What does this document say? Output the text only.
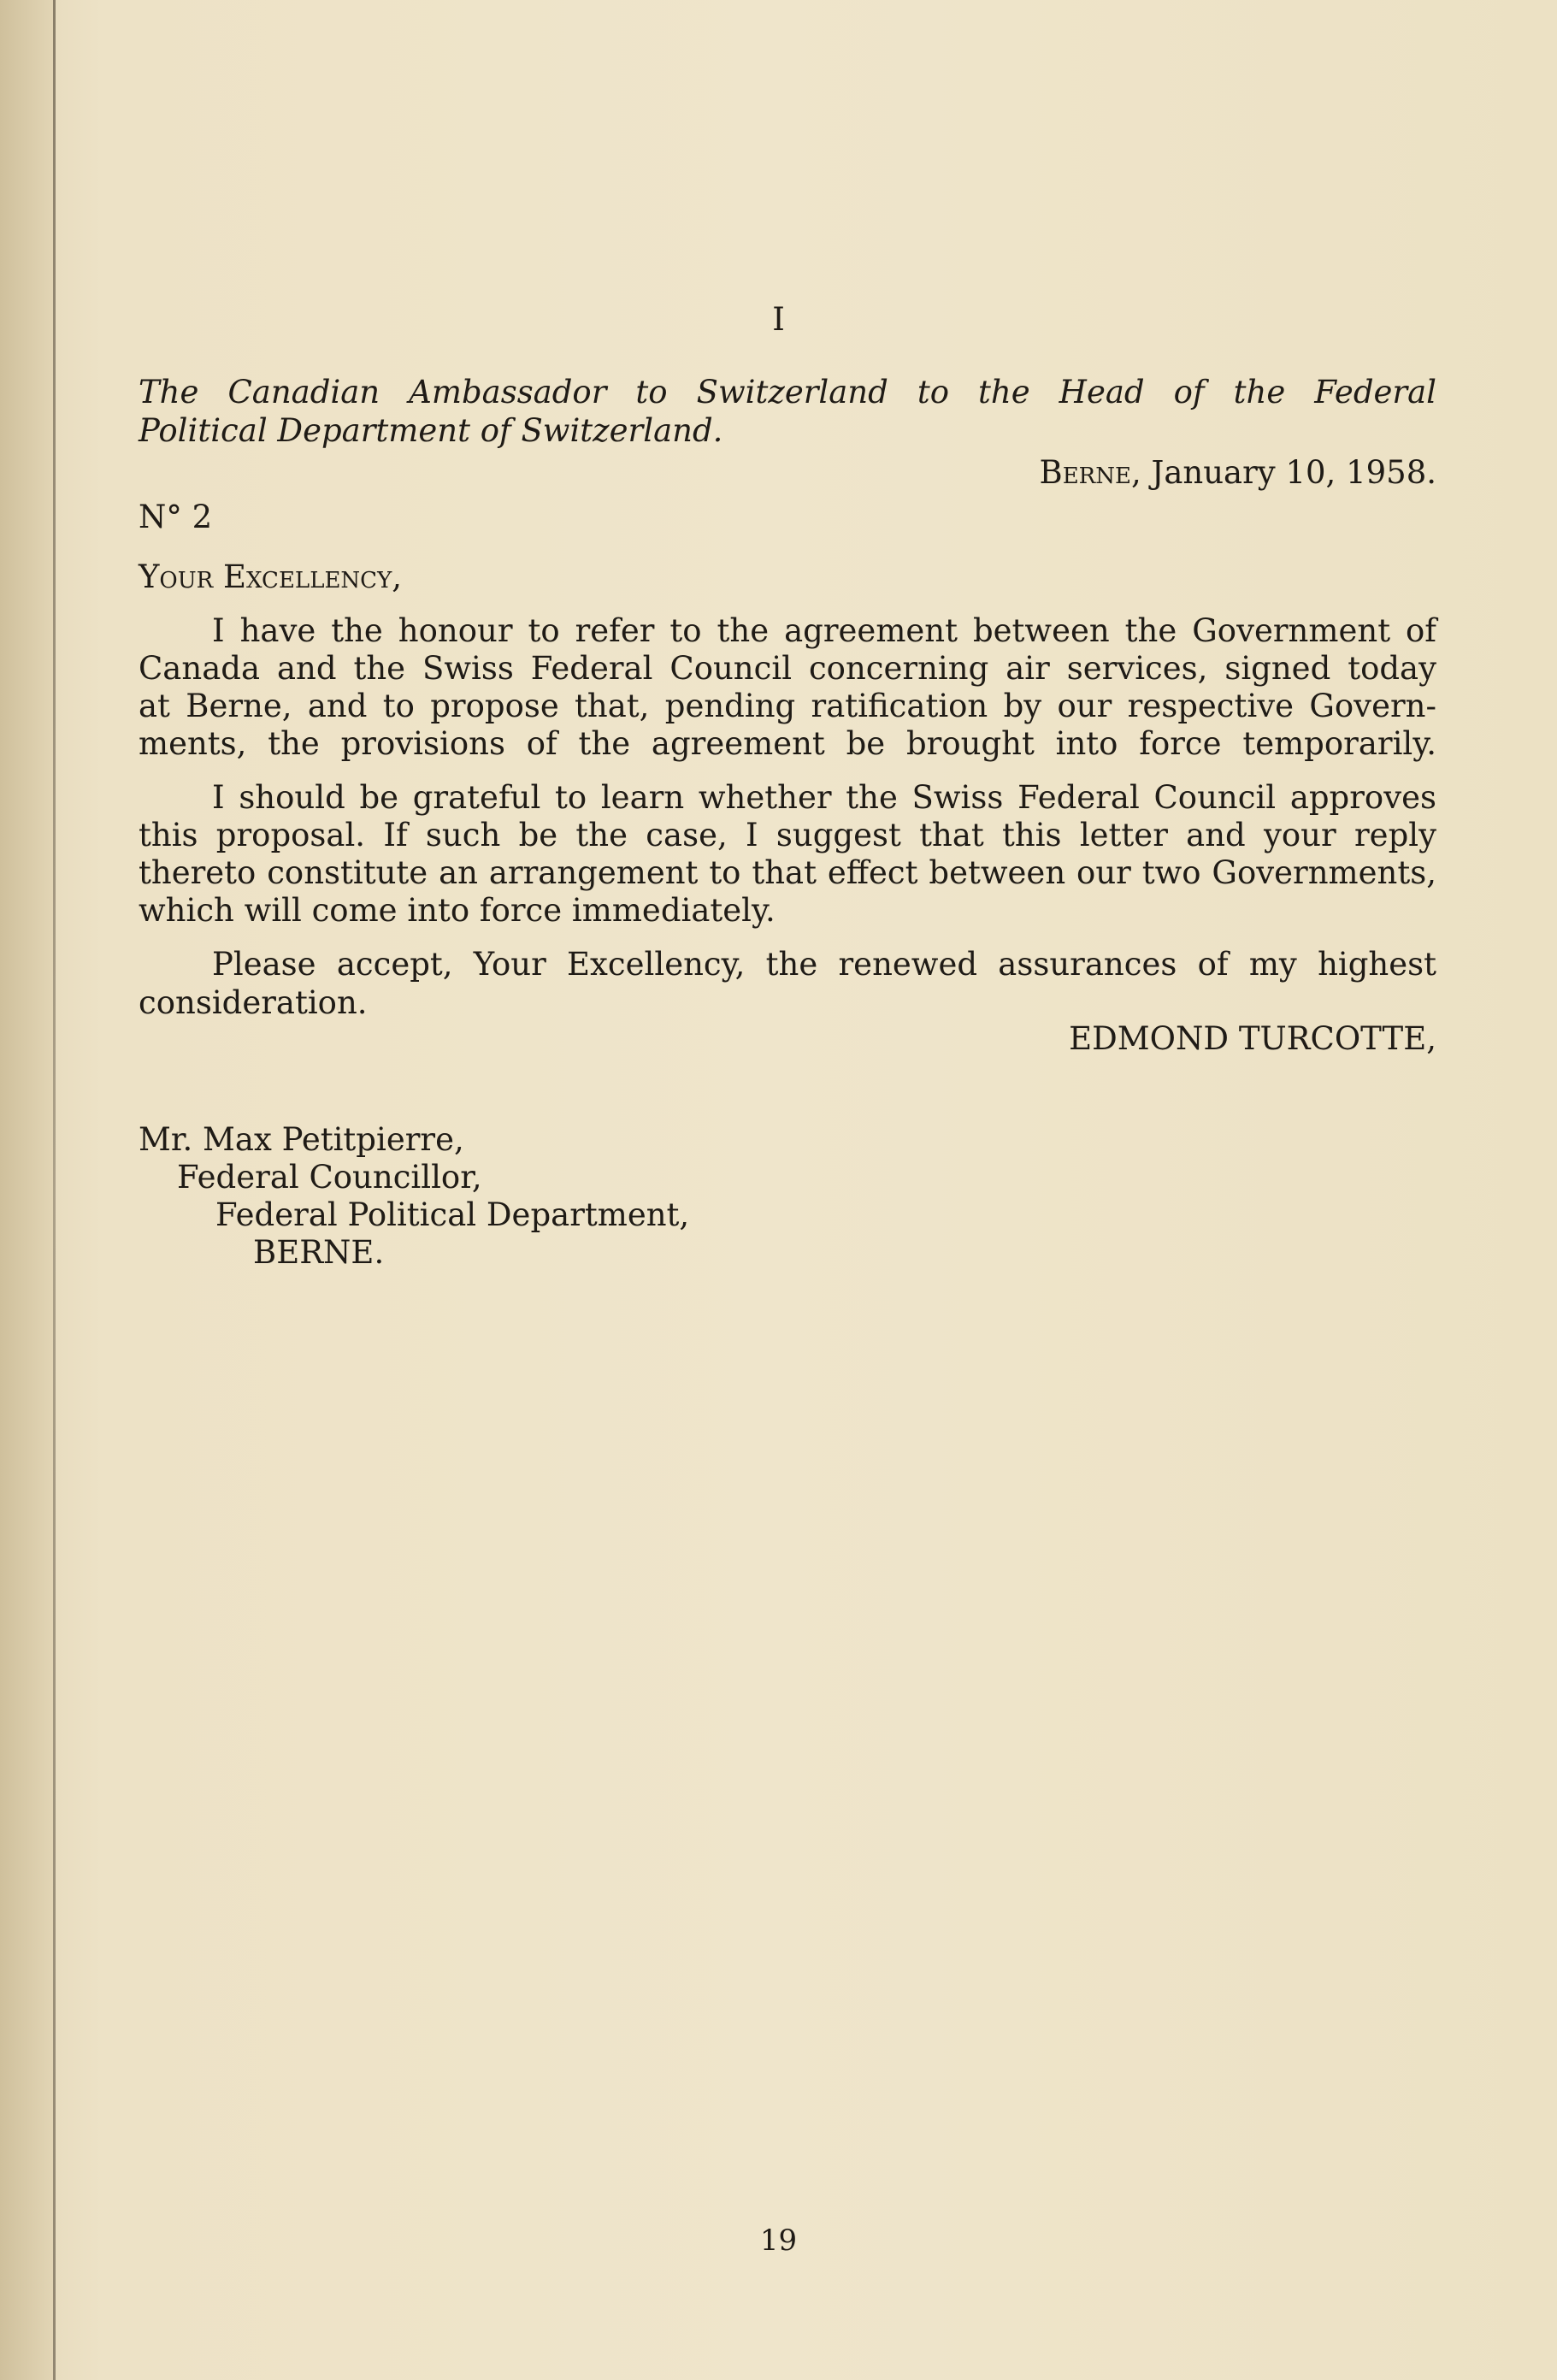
I
The Canadian Ambassador to Switzerland to the Head of the Federal
Political Department of Switzerland.
Berne, January 10, 1958.
N° 2
Your Excellency,
I have the honour to refer to the agreement between the Government of
Canada and the Swiss Federal Council concerning air services, signed today
at Berne, and to propose that, pending ratification by our respective Govern-
ments, the provisions of the agreement be brought into force temporarily.
I should be grateful to learn whether the Swiss Federal Council approves
this proposal. If such be the case, I suggest that this letter and your reply
thereto constitute an arrangement to that effect between our two Governments,
which will come into force immediately.
Please accept, Your Excellency, the renewed assurances of my highest
consideration.
EDMOND TURCOTTE,
Mr. Max Petitpierre,
Federal Councillor,
Federal Political Department,
BERNE.
19
